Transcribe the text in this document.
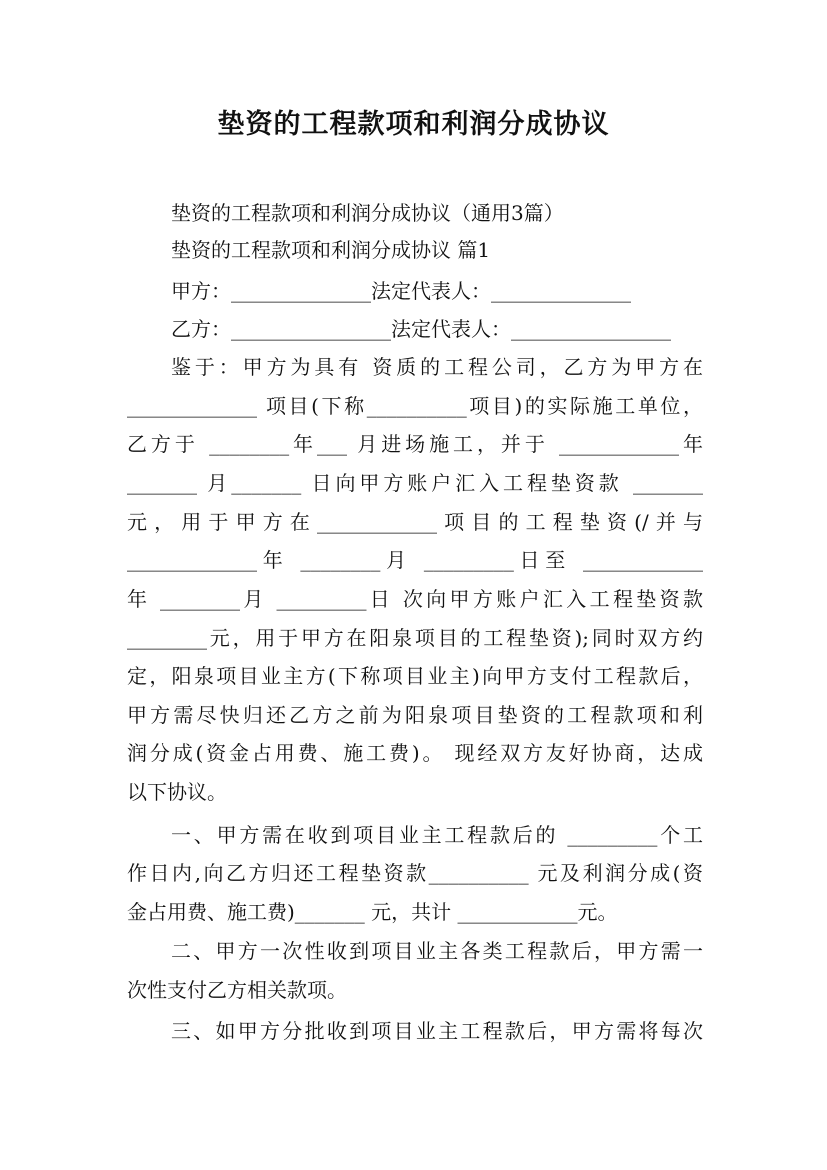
垫资的工程款项和利润分成协议
垫资的工程款项和利润分成协议（通用3篇）
垫资的工程款项和利润分成协议 篇1
甲方：______________法定代表人：______________
乙方：________________法定代表人：________________
鉴于：甲方为具有 资质的工程公司，乙方为甲方在
_____________ 项目(下称__________项目)的实际施工单位，
乙方于 ________年___ 月进场施工，并于 ____________年
_______ 月_______ 日向甲方账户汇入工程垫资款 _______
元，用于甲方在____________项目的工程垫资(/并与
_____________年 ________月 _________日至 ____________
年 ________月 _________日 次向甲方账户汇入工程垫资款
________元，用于甲方在阳泉项目的工程垫资);同时双方约
定，阳泉项目业主方(下称项目业主)向甲方支付工程款后，
甲方需尽快归还乙方之前为阳泉项目垫资的工程款项和利
润分成(资金占用费、施工费)。 现经双方友好协商，达成
以下协议。
一、甲方需在收到项目业主工程款后的 _________个工
作日内,向乙方归还工程垫资款__________ 元及利润分成(资
金占用费、施工费)_______ 元，共计 ____________元。
二、甲方一次性收到项目业主各类工程款后，甲方需一
次性支付乙方相关款项。
三、如甲方分批收到项目业主工程款后，甲方需将每次
